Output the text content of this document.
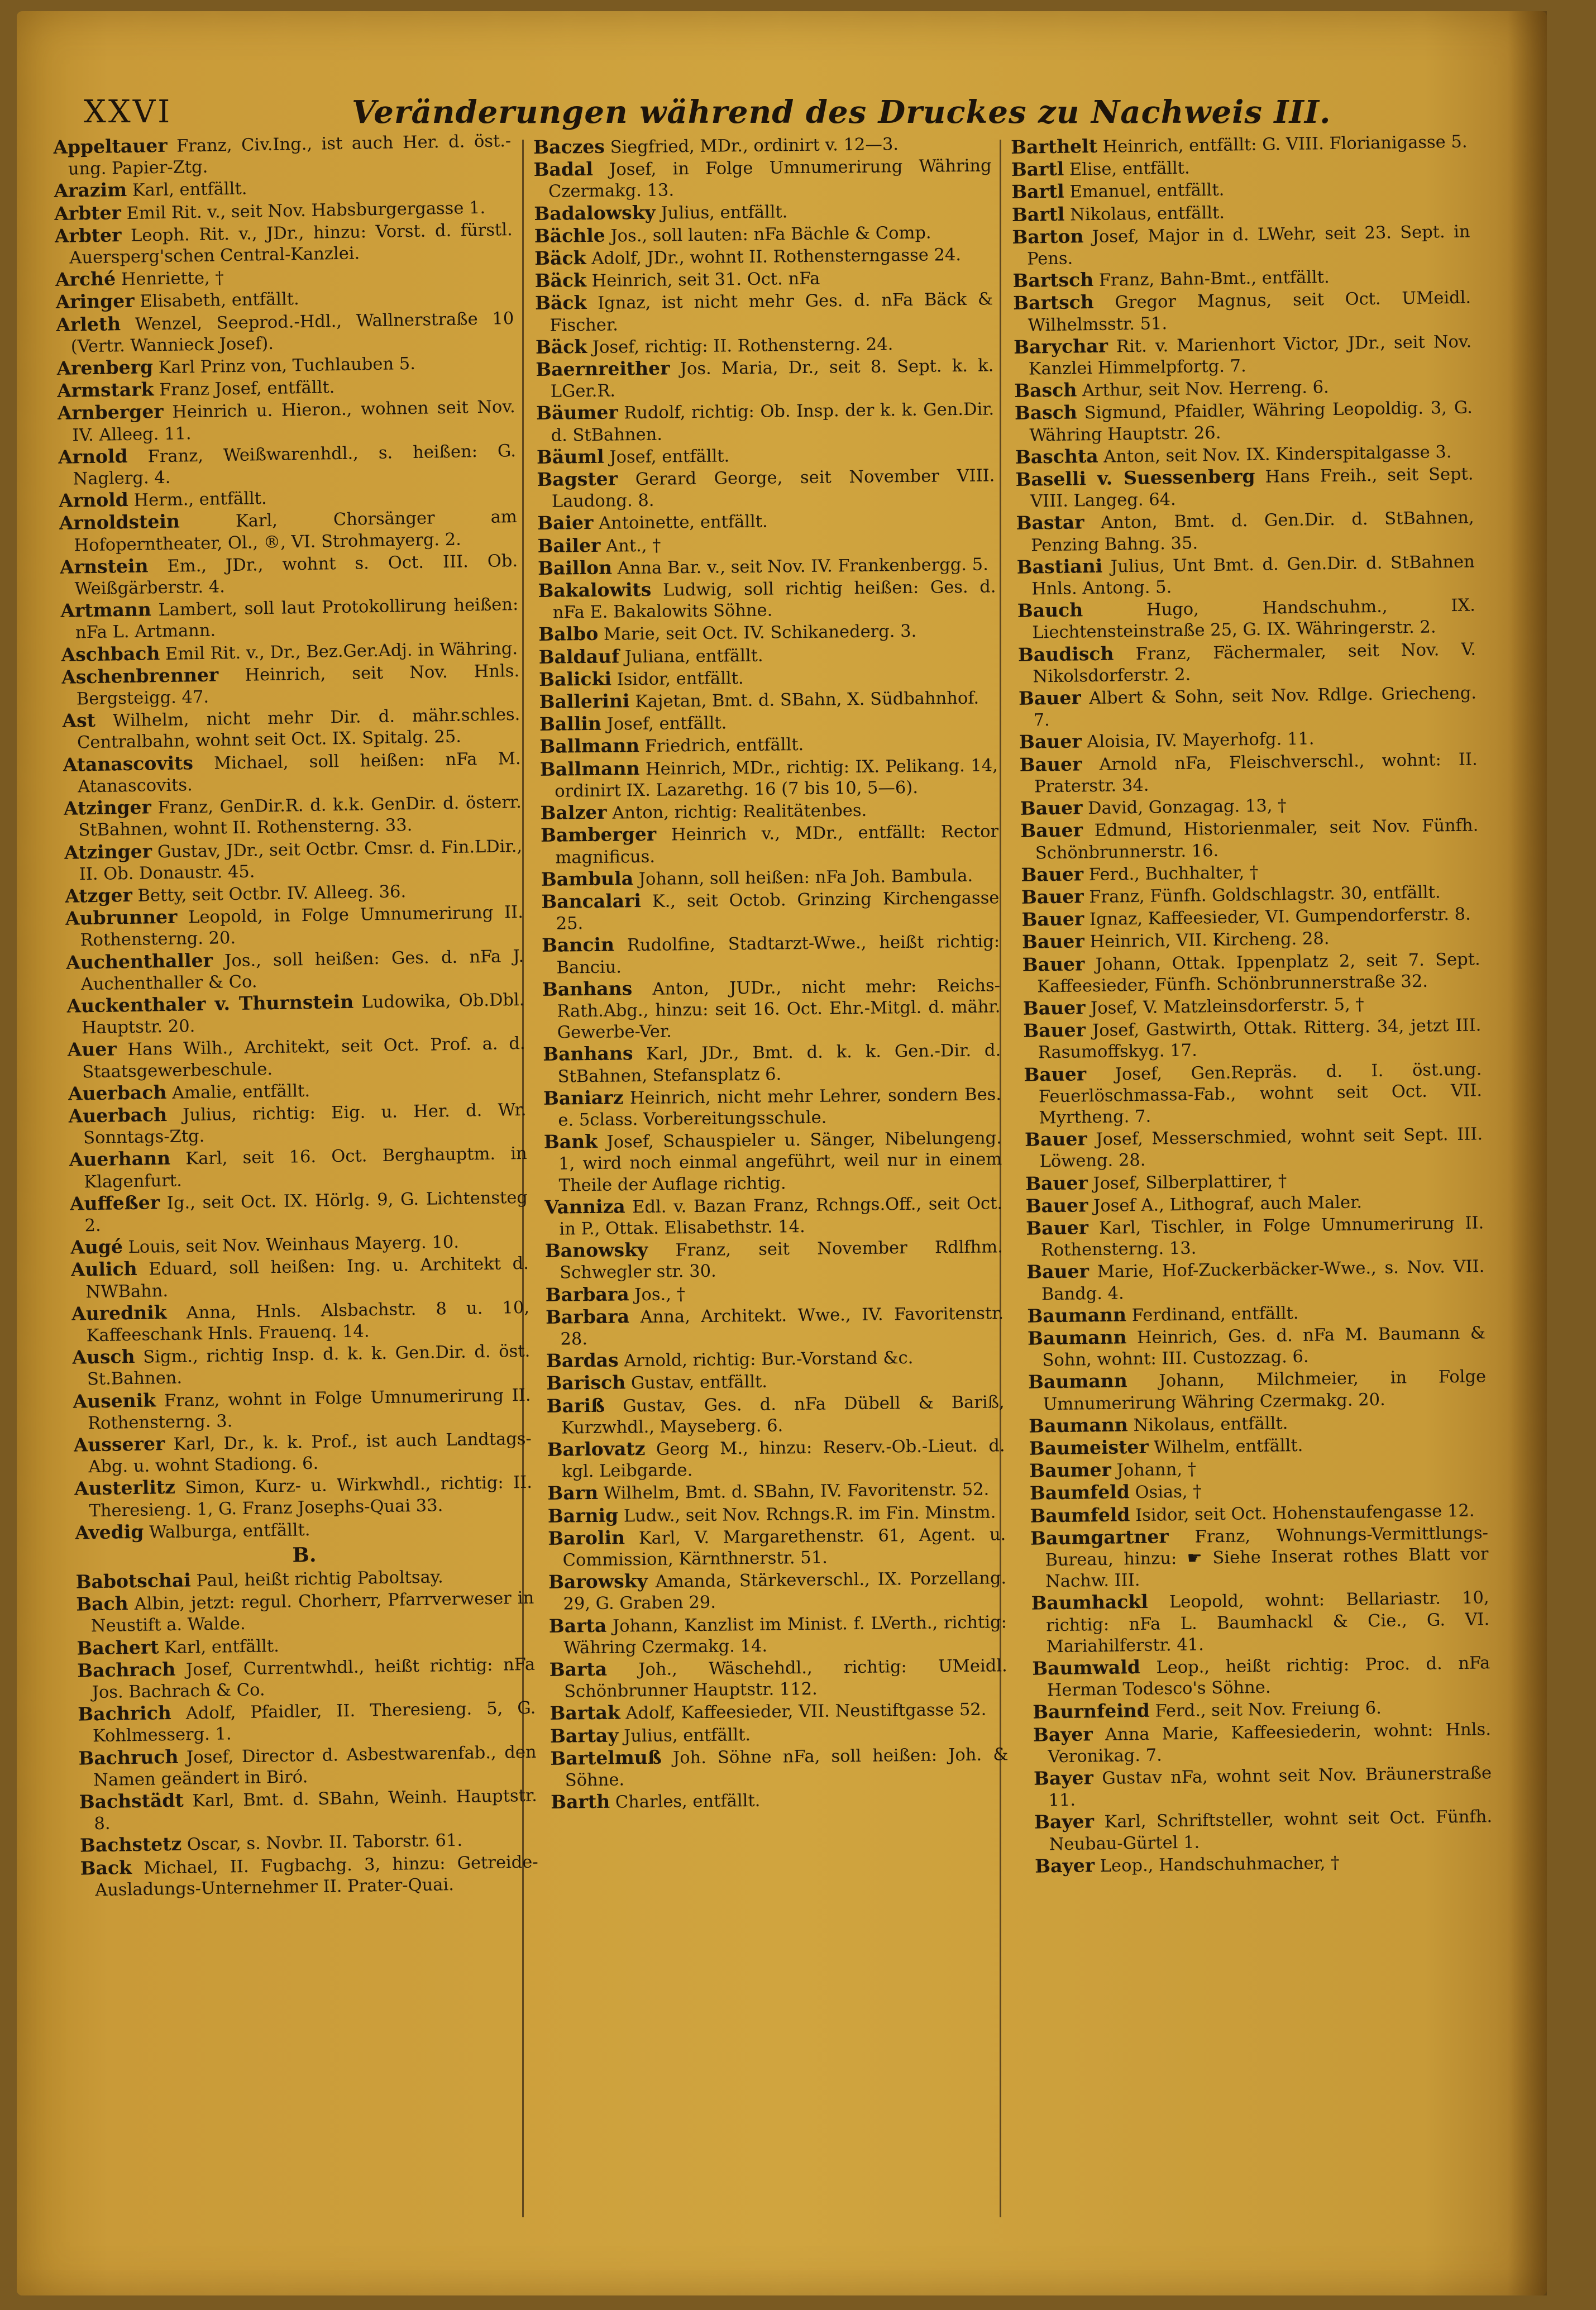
XXVI	Veränderungen während des Druckes zu Nachweis III.

Appeltauer Franz, Civ.Ing., ist auch Her. d. öst.-ung. Papier-Ztg.

Arazim Karl, entfällt.

Arbter Emil Rit. v., seit Nov. Habsburgergasse 1.

Arbter Leoph. Rit. v., JDr., hinzu: Vorst. d. fürstl. Auersperg'schen Central-Kanzlei.

Arché Henriette, †

Aringer Elisabeth, entfällt.

Arleth Wenzel, Seeprod.-Hdl., Wallnerstraße 10 (Vertr. Wannieck Josef).

Arenberg Karl Prinz von, Tuchlauben 5.

Armstark Franz Josef, entfällt.

Arnberger Heinrich u. Hieron., wohnen seit Nov. IV. Alleeg. 11.

Arnold Franz, Weißwarenhdl., s. heißen: G. Naglerg. 4.

Arnold Herm., entfällt.

Arnoldstein	Karl, Chorsänger am Hofoperntheater, Ol., ®, VI. Strohmayerg. 2.

Arnstein Em., JDr., wohnt s. Oct. III. Ob. Weißgärberstr. 4.

Artmann Lambert, soll laut Protokollirung heißen: nFa L. Artmann.

Aschbach Emil Rit. v., Dr., Bez.Ger.Adj. in Währing.

Aschenbrenner Heinrich, seit Nov. Hnls. Bergsteigg. 47.

Ast Wilhelm, nicht mehr Dir. d. mähr.schles. Centralbahn, wohnt seit Oct. IX. Spitalg. 25.

Atanascovits Michael, soll heißen: nFa M. Atanascovits.

Atzinger Franz, GenDir.R. d. k.k. GenDir. d. österr. StBahnen, wohnt II. Rothensterng. 33.

Atzinger Gustav, JDr., seit Octbr. Cmsr. d. Fin.LDir., II. Ob. Donaustr. 45.

Atzger Betty, seit Octbr. IV. Alleeg. 36.

Aubrunner Leopold, in Folge Umnumerirung II. Rothensterng. 20.

Auchenthaller Jos., soll heißen: Ges. d. nFa J. Auchenthaller & Co.

Auckenthaler v. Thurnstein Ludowika, Ob.Dbl. Hauptstr. 20.

Auer Hans Wilh., Architekt, seit Oct. Prof. a. d. Staatsgewerbeschule.

Auerbach Amalie, entfällt.

Auerbach Julius, richtig: Eig. u. Her. d. Wr. Sonntags-Ztg.

Auerhann Karl, seit 16. Oct. Berghauptm. in Klagenfurt.

Auffeßer Ig., seit Oct. IX. Hörlg. 9, G. Lichtensteg 2.

Augé Louis, seit Nov. Weinhaus Mayerg. 10.

Aulich Eduard, soll heißen: Ing. u. Architekt d. NWBahn.

Aurednik Anna, Hnls. Alsbachstr. 8 u. 10, Kaffeeschank Hnls. Frauenq. 14.

Ausch Sigm., richtig Insp. d. k. k. Gen.Dir. d. öst. St.Bahnen.

Ausenik Franz, wohnt in Folge Umnumerirung II. Rothensterng. 3.

Ausserer Karl, Dr., k. k. Prof., ist auch Landtags-Abg. u. wohnt Stadiong. 6.

Austerlitz Simon, Kurz- u. Wirkwhdl., richtig: II. Theresieng. 1, G. Franz Josephs-Quai 33.

Avedig Walburga, entfällt.

B.

Babotschai Paul, heißt richtig Paboltsay.

Bach Albin, jetzt: regul. Chorherr, Pfarrverweser in Neustift a. Walde.

Bachert Karl, entfällt.

Bachrach Josef, Currentwhdl., heißt richtig: nFa Jos. Bachrach & Co.

Bachrich Adolf, Pfaidler, II. Theresieng. 5, G. Kohlmesserg. 1.

Bachruch Josef, Director d. Asbestwarenfab., den Namen geändert in Biró.

Bachstädt Karl, Bmt. d. SBahn, Weinh. Hauptstr. 8.

Bachstetz Oscar, s. Novbr. II. Taborstr. 61.

Back Michael, II. Fugbachg. 3, hinzu: Getreide-Ausladungs-Unternehmer II. Prater-Quai.

Baczes Siegfried, MDr., ordinirt v. 12—3.

Badal Josef, in Folge Umnumerirung Währing Czermakg. 13.

Badalowsky Julius, entfällt.

Bächle Jos., soll lauten: nFa Bächle & Comp.

Bäck Adolf, JDr., wohnt II. Rothensterngasse 24.

Bäck Heinrich, seit 31. Oct. nFa

Bäck Ignaz, ist nicht mehr Ges. d. nFa Bäck & Fischer.

Bäck Josef, richtig: II. Rothensterng. 24.

Baernreither Jos. Maria, Dr., seit 8. Sept. k. k. LGer.R.

Bäumer Rudolf, richtig: Ob. Insp. der k. k. Gen.Dir. d. StBahnen.

Bäuml Josef, entfällt.

Bagster Gerard George, seit November VIII. Laudong. 8.

Baier Antoinette, entfällt.

Bailer Ant., †

Baillon Anna Bar. v., seit Nov. IV. Frankenbergg. 5.

Bakalowits Ludwig, soll richtig heißen: Ges. d. nFa E. Bakalowits Söhne.

Balbo Marie, seit Oct. IV. Schikanederg. 3.

Baldauf Juliana, entfällt.

Balicki Isidor, entfällt.

Ballerini Kajetan, Bmt. d. SBahn, X. Südbahnhof.

Ballin Josef, entfällt.

Ballmann Friedrich, entfällt.

Ballmann Heinrich, MDr., richtig: IX. Pelikang. 14, ordinirt IX. Lazarethg. 16 (7 bis 10, 5—6).

Balzer Anton, richtig: Realitätenbes.

Bamberger Heinrich v., MDr., entfällt: Rector magnificus.

Bambula Johann, soll heißen: nFa Joh. Bambula.

Bancalari K., seit Octob. Grinzing Kirchengasse 25.

Bancin Rudolfine, Stadtarzt-Wwe., heißt richtig: Banciu.

Banhans Anton, JUDr., nicht mehr: Reichs-Rath.Abg., hinzu: seit 16. Oct. Ehr.-Mitgl. d. mähr. Gewerbe-Ver.

Banhans Karl, JDr., Bmt. d. k. k. Gen.-Dir. d. StBahnen, Stefansplatz 6.

Baniarz Heinrich, nicht mehr Lehrer, sondern Bes. e. 5class. Vorbereitungsschule.

Bank Josef, Schauspieler u. Sänger, Nibelungeng. 1, wird noch einmal angeführt, weil nur in einem Theile der Auflage richtig.

Vanniza Edl. v. Bazan Franz, Rchngs.Off., seit Oct. in P., Ottak. Elisabethstr. 14.

Banowsky Franz, seit November Rdlfhm. Schwegler str. 30.

Barbara Jos., †

Barbara Anna, Architekt. Wwe., IV. Favoritenstr. 28.

Bardas Arnold, richtig: Bur.-Vorstand &c.

Barisch Gustav, entfällt.

Bariß Gustav, Ges. d. nFa Dübell & Bariß, Kurzwhdl., Mayseberg. 6.

Barlovatz Georg M., hinzu: Reserv.-Ob.-Lieut. d. kgl. Leibgarde.

Barn Wilhelm, Bmt. d. SBahn, IV. Favoritenstr. 52.

Barnig Ludw., seit Nov. Rchngs.R. im Fin. Minstm.

Barolin Karl, V. Margarethenstr. 61, Agent. u. Commission, Kärnthnerstr. 51.

Barowsky Amanda, Stärkeverschl., IX. Porzellang. 29, G. Graben 29.

Barta Johann, Kanzlist im Minist. f. LVerth., richtig: Währing Czermakg. 14.

Barta Joh., Wäschehdl., richtig: UMeidl. Schönbrunner Hauptstr. 112.

Bartak Adolf, Kaffeesieder, VII. Neustiftgasse 52.

Bartay Julius, entfällt.

Bartelmuß Joh. Söhne nFa, soll heißen: Joh. & Söhne.

Barth Charles, entfällt.

Barthelt Heinrich, entfällt: G. VIII. Florianigasse 5.

Bartl Elise, entfällt.

Bartl Emanuel, entfällt.

Bartl Nikolaus, entfällt.

Barton Josef, Major in d. LWehr, seit 23. Sept. in Pens.

Bartsch Franz, Bahn-Bmt., entfällt.

Bartsch Gregor Magnus, seit Oct. UMeidl. Wilhelmsstr. 51.

Barychar Rit. v. Marienhort Victor, JDr., seit Nov. Kanzlei Himmelpfortg. 7.

Basch Arthur, seit Nov. Herreng. 6.

Basch Sigmund, Pfaidler, Währing Leopoldig. 3, G. Währing Hauptstr. 26.

Baschta Anton, seit Nov. IX. Kinderspitalgasse 3.

Baselli v. Suessenberg Hans Freih., seit Sept. VIII. Langeg. 64.

Bastar Anton, Bmt. d. Gen.Dir. d. StBahnen, Penzing Bahng. 35.

Bastiani Julius, Unt Bmt. d. Gen.Dir. d. StBahnen Hnls. Antong. 5.

Bauch	Hugo, Handschuhm., IX. Liechtensteinstraße 25, G. IX. Währingerstr. 2.

Baudisch Franz, Fächermaler, seit Nov. V. Nikolsdorferstr. 2.

Bauer Albert & Sohn, seit Nov. Rdlge. Griecheng. 7.

Bauer Aloisia, IV. Mayerhofg. 11.

Bauer Arnold nFa, Fleischverschl., wohnt: II. Praterstr. 34.

Bauer David, Gonzagag. 13, †

Bauer Edmund, Historienmaler, seit Nov. Fünfh. Schönbrunnerstr. 16.

Bauer Ferd., Buchhalter, †

Bauer Franz, Fünfh. Goldschlagstr. 30, entfällt.

Bauer Ignaz, Kaffeesieder, VI. Gumpendorferstr. 8.

Bauer Heinrich, VII. Kircheng. 28.

Bauer Johann, Ottak. Ippenplatz 2, seit 7. Sept. Kaffeesieder, Fünfh. Schönbrunnerstraße 32.

Bauer Josef, V. Matzleinsdorferstr. 5, †

Bauer Josef, Gastwirth, Ottak. Ritterg. 34, jetzt III. Rasumoffskyg. 17.

Bauer Josef, Gen.Repräs. d. I. öst.ung. Feuerlöschmassa-Fab., wohnt seit Oct. VII. Myrtheng. 7.

Bauer Josef, Messerschmied, wohnt seit Sept. III. Löweng. 28.

Bauer Josef, Silberplattirer, †

Bauer Josef A., Lithograf, auch Maler.

Bauer Karl, Tischler, in Folge Umnumerirung II. Rothensterng. 13.

Bauer Marie, Hof-Zuckerbäcker-Wwe., s. Nov. VII. Bandg. 4.

Baumann Ferdinand, entfällt.

Baumann Heinrich, Ges. d. nFa M. Baumann & Sohn, wohnt: III. Custozzag. 6.

Baumann Johann, Milchmeier, in Folge Umnumerirung Währing Czermakg. 20.

Baumann Nikolaus, entfällt.

Baumeister Wilhelm, entfällt.

Baumer Johann, †

Baumfeld Osias, †

Baumfeld Isidor, seit Oct. Hohenstaufengasse 12.

Baumgartner Franz, Wohnungs-Vermittlungs-Bureau, hinzu: ☛ Siehe Inserat rothes Blatt vor Nachw. III.

Baumhackl Leopold, wohnt: Bellariastr. 10, richtig: nFa L. Baumhackl & Cie., G. VI. Mariahilferstr. 41.

Baumwald Leop., heißt richtig: Proc. d. nFa Herman Todesco's Söhne.

Baurnfeind Ferd., seit Nov. Freiung 6.

Bayer Anna Marie, Kaffeesiederin, wohnt: Hnls. Veronikag. 7.

Bayer Gustav nFa, wohnt seit Nov. Bräunerstraße 11.

Bayer Karl, Schriftsteller, wohnt seit Oct. Fünfh. Neubau-Gürtel 1.

Bayer Leop., Handschuhmacher, †
